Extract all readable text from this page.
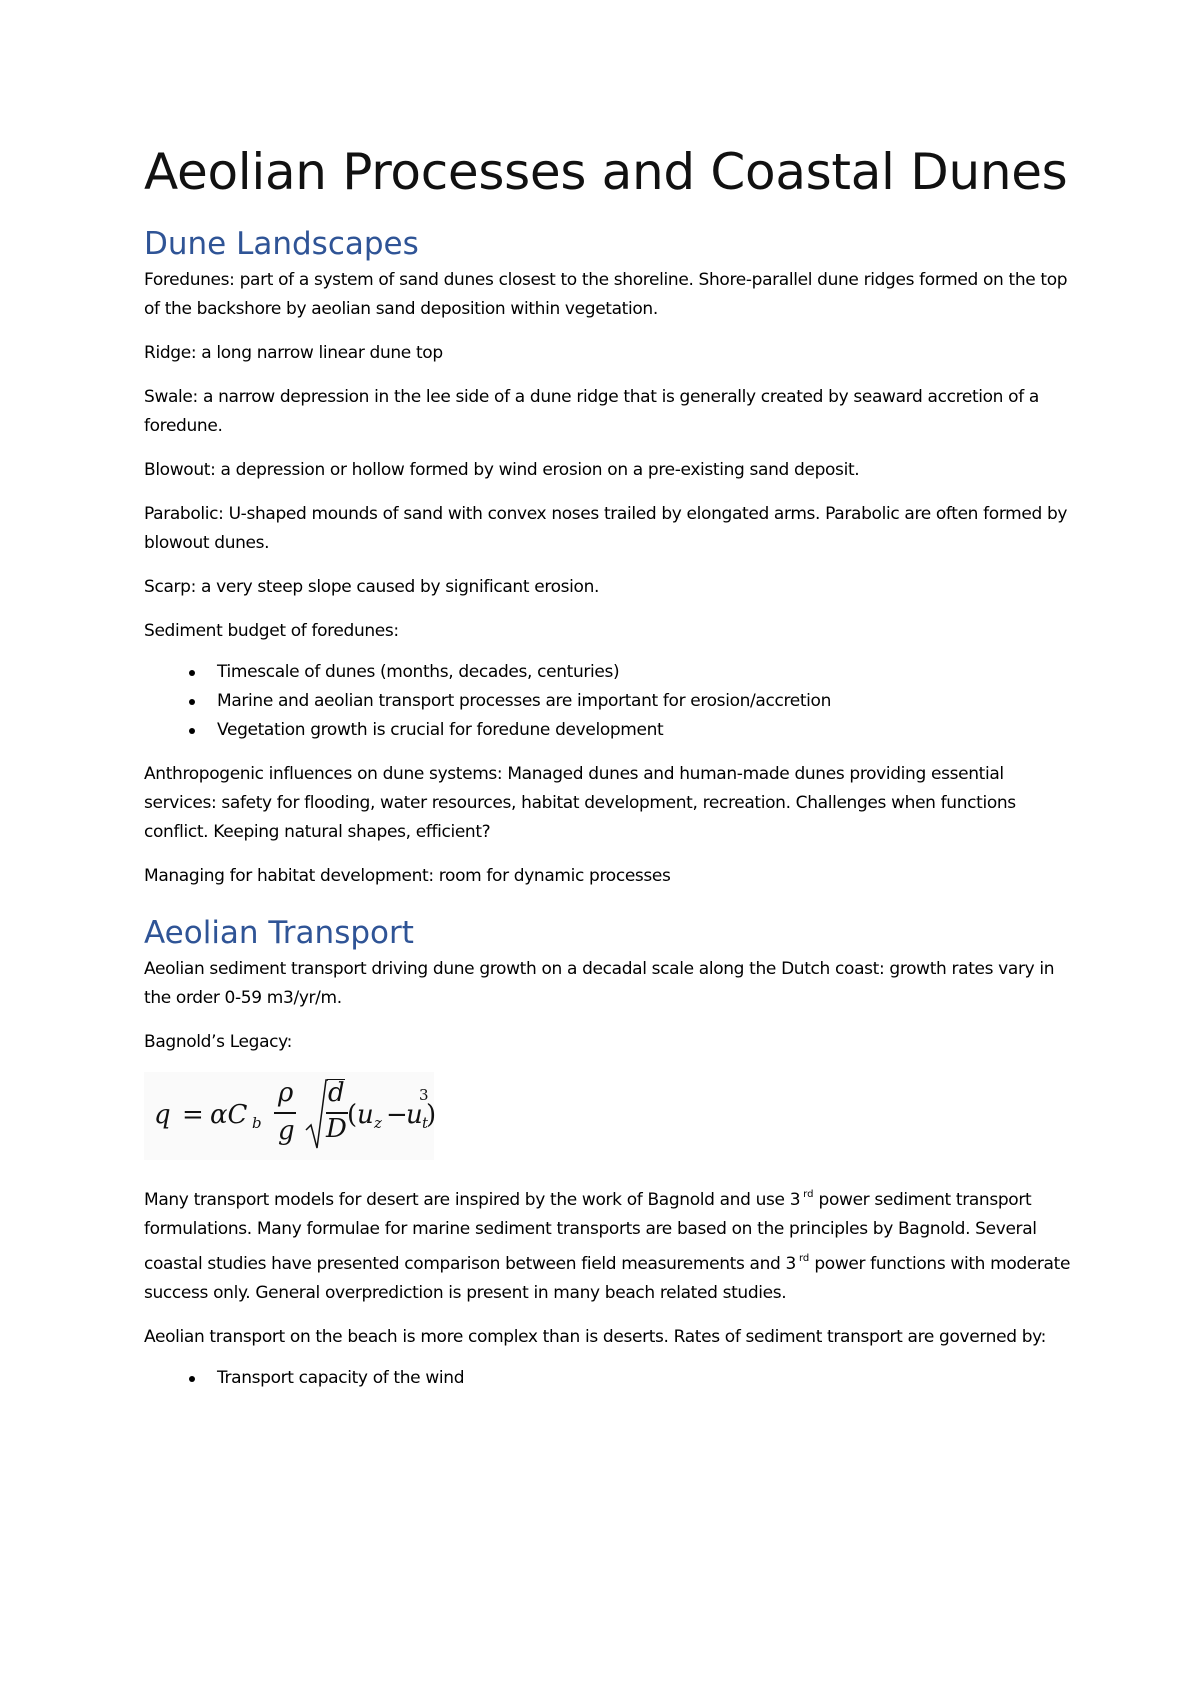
Aeolian Processes and Coastal Dunes
Dune Landscapes

Foredunes: part of a system of sand dunes closest to the shoreline. Shore-parallel dune ridges formed on the top of the backshore by aeolian sand deposition within vegetation.

Ridge: a long narrow linear dune top

Swale: a narrow depression in the lee side of a dune ridge that is generally created by seaward accretion of a foredune.

Blowout: a depression or hollow formed by wind erosion on a pre-existing sand deposit.

Parabolic: U-shaped mounds of sand with convex noses trailed by elongated arms. Parabolic are often formed by blowout dunes.

Scarp: a very steep slope caused by significant erosion.

Sediment budget of foredunes:

Timescale of dunes (months, decades, centuries)
Marine and aeolian transport processes are important for erosion/accretion
Vegetation growth is crucial for foredune development

Anthropogenic influences on dune systems: Managed dunes and human-made dunes providing essential services: safety for flooding, water resources, habitat development, recreation. Challenges when functions conflict. Keeping natural shapes, efficient?

Managing for habitat development: room for dynamic processes

Aeolian Transport

Aeolian sediment transport driving dune growth on a decadal scale along the Dutch coast: growth rates vary in the order 0-59 m3/yr/m.

Bagnold’s Legacy:

q = αC b
ρ
g
d
D ( u z −
u t
)
3

Many transport models for desert are inspired by the work of Bagnold and use 3 $^{rd}$ power sediment transport formulations. Many formulae for marine sediment transports are based on the principles by Bagnold. Several coastal studies have presented comparison between field measurements and 3 $^{rd}$ power functions with moderate success only. General overprediction is present in many beach related studies.

Aeolian transport on the beach is more complex than is deserts. Rates of sediment transport are governed by:

Transport capacity of the wind
